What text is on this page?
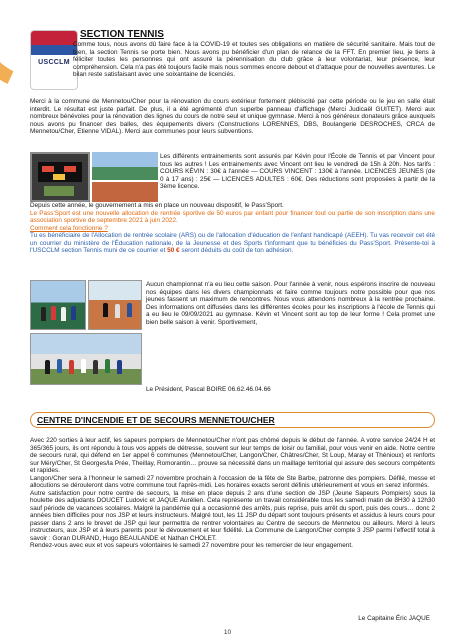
USCCLM
SECTION TENNIS
Comme tous, nous avons dû faire face à la COVID-19 et toutes ses obligations en matière de sécurité sanitaire. Mais tout de bien, la section Tennis se porte bien. Nous avons pu bénéficier d'un plan de relance de la FFT. En premier lieu, je tiens à féliciter toutes les personnes qui ont assuré la pérennisation du club grâce à leur volontariat, leur présence, leur compréhension. Cela n'a pas été toujours facile mais nous sommes encore debout et d'attaque pour de nouvelles aventures. Le bilan reste satisfaisant avec une soixantaine de licenciés.
Merci à la commune de Mennetou/Cher pour la rénovation du cours extérieur fortement plébiscité par cette période ou le jeu en salle était interdit. Le résultat est juste parfait. De plus, il a été agrémenté d'un superbe panneau d'affichage (Merci Judicaël GUITET). Merci aux nombreux bénévoles pour la rénovation des lignes du cours de notre seul et unique gymnase. Merci à nos généreux donateurs grâce auxquels nous avons pu financer des balles, des équipements divers (Constructions LORENNES, DBS, Boulangerie DESROCHES, CRCA de Mennetou/Cher, Etienne VIDAL). Merci aux communes pour leurs subventions.
Les différents entrainements sont assurés par Kévin pour l'École de Tennis et par Vincent pour tous les autres ! Les entrainements avec Vincent ont lieu le vendredi de 15h à 20h. Nos tarifs : COURS KÉVIN : 30€ à l'année — COURS VINCENT : 130€ à l'année. LICENCES JEUNES (de 0 à 17 ans) : 25€ — LICENCES ADULTES : 60€. Des réductions sont proposées à partir de la 3ème licence.
Depuis cette année, le gouvernement a mis en place un nouveau dispositif, le Pass'Sport.
Le Pass'Sport est une nouvelle allocation de rentrée sportive de 50 euros par enfant pour financer tout ou partie de son inscription dans une association sportive de septembre 2021 à juin 2022.
Comment cela fonctionne ?
Tu es bénéficiaire de l'Allocation de rentrée scolaire (ARS) ou de l'allocation d'éducation de l'enfant handicapé (AEEH). Tu vas recevoir cet été un courrier du ministère de l'Éducation nationale, de la Jeunesse et des Sports t'informant que tu bénéficies du Pass'Sport. Présente-toi à l'USCCLM section Tennis muni de ce courrier et 50 € seront déduits du coût de ton adhésion.
Aucun championnat n'a eu lieu cette saison. Pour l'année à venir, nous espérons inscrire de nouveau nos équipes dans les divers championnats et faire comme toujours notre possible pour que nos jeunes fassent un maximum de rencontres. Nous vous attendons nombreux à la rentrée prochaine. Des informations ont diffusées dans les différentes écoles pour les inscriptions à l'école de Tennis qui a eu lieu le 09/09/2021 au gymnase. Kévin et Vincent sont au top de leur forme ! Cela promet une bien belle saison à venir. Sportivement,
Le Président, Pascal BOIRE 06.62.46.04.66
CENTRE D'INCENDIE ET DE SECOURS MENNETOU/CHER
Avec 220 sorties à leur actif, les sapeurs pompiers de Mennetou/Cher n'ont pas chômé depuis le début de l'année. A votre service 24/24 H et 365/365 jours, ils ont répondu à tous vos appels de détresse, souvent sur leur temps de loisir ou familial, pour vous venir en aide. Notre centre de secours rural, qui défend en 1er appel 6 communes (Mennetou/Cher, Langon/Cher, Châtres/Cher, St Loup, Maray et Théniouх) et renforts sur Méry/Cher, St Georges/la Prée, Theillay, Romorantin… prouve sa nécessité dans un maillage territorial qui assure des secours compétents et rapides.
Langon/Cher sera à l'honneur le samedi 27 novembre prochain à l'occasion de la fête de Ste Barbe, patronne des pompiers. Défilé, messe et allocutions se dérouleront dans votre commune tout l'après-midi. Les horaires exacts seront définis ultérieurement et vous en serez informés.
Autre satisfaction pour notre centre de secours, la mise en place depuis 2 ans d'une section de JSP (Jeune Sapeurs Pompiers) sous la houlette des adjudants DOUCET Ludovic et JAQUE Aurélien. Cela représente un travail considérable tous les samedi matin de 8H30 à 12h30 sauf période de vacances scolaires. Malgré la pandémie qui a occasionné des arrêts, puis reprise, puis arrêt du sport, puis des cours… donc 2 années bien difficiles pour nos JSP et leurs instructeurs. Malgré tout, les 11 JSP du départ sont toujours présents et assidus à leurs cours pour passer dans 2 ans le brevet de JSP qui leur permettra de rentrer volontaires au Centre de secours de Mennetou ou ailleurs. Merci à leurs instructeurs, aux JSP et à leurs parents pour le dévouement et leur fidélité. La Commune de Langon/Cher compte 3 JSP parmi l'effectif total à savoir : Goran DURAND, Hugo BEAULANDE et Nathan CHOLET.
Rendez-vous avec eux et vos sapeurs volontaires le samedi 27 novembre pour les remercier de leur engagement.
Le Capitaine Éric JAQUE
10
